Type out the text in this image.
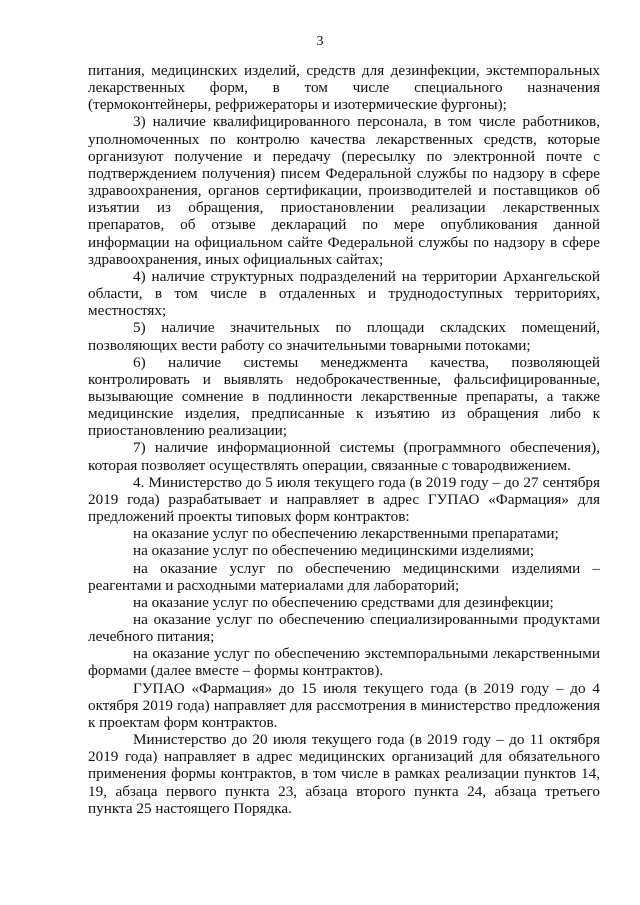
3

питания, медицинских изделий, средств для дезинфекции, экстемпоральных лекарственных форм, в том числе специального назначения (термоконтейнеры, рефрижераторы и изотермические фургоны);

3) наличие квалифицированного персонала, в том числе работников, уполномоченных по контролю качества лекарственных средств, которые организуют получение и передачу (пересылку по электронной почте с подтверждением получения) писем Федеральной службы по надзору в сфере здравоохранения, органов сертификации, производителей и поставщиков об изъятии из обращения, приостановлении реализации лекарственных препаратов, об отзыве деклараций по мере опубликования данной информации на официальном сайте Федеральной службы по надзору в сфере здравоохранения, иных официальных сайтах;

4) наличие структурных подразделений на территории Архангельской области, в том числе в отдаленных и труднодоступных территориях, местностях;

5) наличие значительных по площади складских помещений, позволяющих вести работу со значительными товарными потоками;

6) наличие системы менеджмента качества, позволяющей контролировать и выявлять недоброкачественные, фальсифицированные, вызывающие сомнение в подлинности лекарственные препараты, а также медицинские изделия, предписанные к изъятию из обращения либо к приостановлению реализации;

7) наличие информационной системы (программного обеспечения), которая позволяет осуществлять операции, связанные с товародвижением.

4. Министерство до 5 июля текущего года (в 2019 году – до 27 сентября 2019 года) разрабатывает и направляет в адрес ГУПАО «Фармация» для предложений проекты типовых форм контрактов:

на оказание услуг по обеспечению лекарственными препаратами;

на оказание услуг по обеспечению медицинскими изделиями;

на оказание услуг по обеспечению медицинскими изделиями – реагентами и расходными материалами для лабораторий;

на оказание услуг по обеспечению средствами для дезинфекции;

на оказание услуг по обеспечению специализированными продуктами лечебного питания;

на оказание услуг по обеспечению экстемпоральными лекарственными формами (далее вместе – формы контрактов).

ГУПАО «Фармация» до 15 июля текущего года (в 2019 году – до 4 октября 2019 года) направляет для рассмотрения в министерство предложения к проектам форм контрактов.

Министерство до 20 июля текущего года (в 2019 году – до 11 октября 2019 года) направляет в адрес медицинских организаций для обязательного применения формы контрактов, в том числе в рамках реализации пунктов 14, 19, абзаца первого пункта 23, абзаца второго пункта 24, абзаца третьего пункта 25 настоящего Порядка.
